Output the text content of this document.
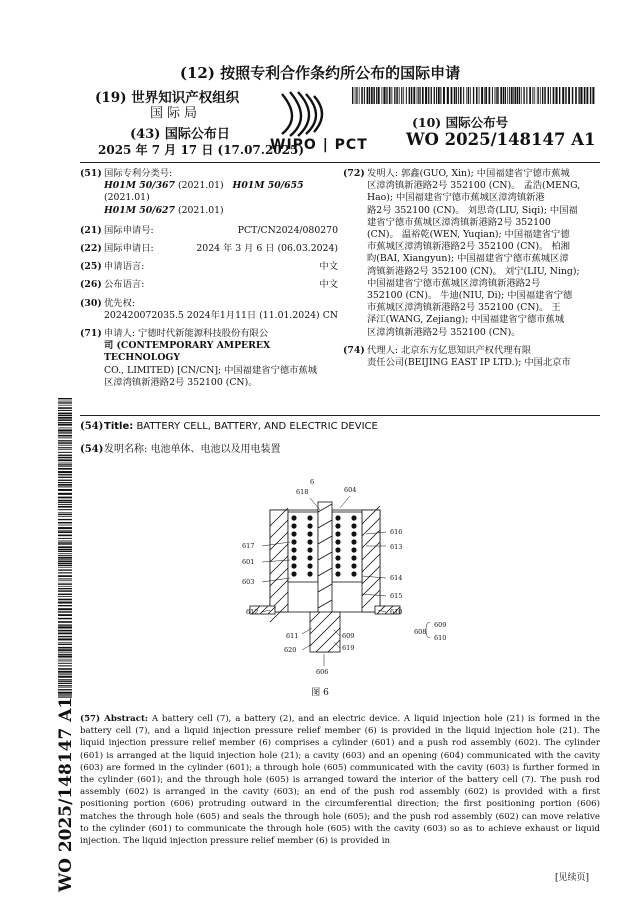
(12) 按照专利合作条约所公布的国际申请
(19) 世界知识产权组织
国际局
(43) 国际公布日
2025 年 7 月 17 日 (17.07.2025)
WIPO | PCT
(10) 国际公布号
WO 2025/148147 A1
(51) 国际专利分类号:
H01M 50/367 (2021.01) H01M 50/655 (2021.01)
H01M 50/627 (2021.01)
(21) 国际申请号:	PCT/CN2024/080270
(22) 国际申请日:	2024 年 3 月 6 日 (06.03.2024)
(25) 申请语言:	中文
(26) 公布语言:	中文
(30) 优先权:
202420072035.5 2024年1月11日 (11.01.2024) CN
(71) 申请人: 宁德时代新能源科技股份有限公
司 (CONTEMPORARY AMPEREX TECHNOLOGY
CO., LIMITED) [CN/CN]; 中国福建省宁德市蕉城
区漳湾镇新港路2号 352100 (CN)。
(72) 发明人: 郭鑫(GUO, Xin); 中国福建省宁德市蕉城
区漳湾镇新港路2号 352100 (CN)。 孟浩(MENG,
Hao); 中国福建省宁德市蕉城区漳湾镇新港
路2号 352100 (CN)。 刘思奇(LIU, Siqi); 中国福
建省宁德市蕉城区漳湾镇新港路2号 352100
(CN)。 温裕乾(WEN, Yuqian); 中国福建省宁德
市蕉城区漳湾镇新港路2号 352100 (CN)。 柏湘
昀(BAI, Xiangyun); 中国福建省宁德市蕉城区漳
湾镇新港路2号 352100 (CN)。 刘宁(LIU, Ning);
中国福建省宁德市蕉城区漳湾镇新港路2号
352100 (CN)。 牛迪(NIU, Di); 中国福建省宁德
市蕉城区漳湾镇新港路2号 352100 (CN)。 王
泽江(WANG, Zejiang); 中国福建省宁德市蕉城
区漳湾镇新港路2号 352100 (CN)。
(74) 代理人: 北京东方亿思知识产权代理有限
责任公司(BEIJING EAST IP LTD.); 中国北京市
WO 2025/148147 A1
(54)Title: BATTERY CELL, BATTERY, AND ELECTRIC DEVICE
(54)发明名称: 电池单体、电池以及用电装置
6
618	604
616
613
617
601
603	614
615
612	610
611	609
620	619
606
608
609
610
图 6
(57) Abstract: A battery cell (7), a battery (2), and an electric device. A liquid injection hole (21) is formed in the battery cell (7), and a liquid injection pressure relief member (6) is provided in the liquid injection hole (21). The liquid injection pressure relief member (6) comprises a cylinder (601) and a push rod assembly (602). The cylinder (601) is arranged at the liquid injection hole (21); a cavity (603) and an opening (604) communicated with the cavity (603) are formed in the cylinder (601); a through hole (605) communicated with the cavity (603) is further formed in the cylinder (601); and the through hole (605) is arranged toward the interior of the battery cell (7). The push rod assembly (602) is arranged in the cavity (603); an end of the push rod assembly (602) is provided with a first positioning portion (606) protruding outward in the circumferential direction; the first positioning portion (606) matches the through hole (605) and seals the through hole (605); and the push rod assembly (602) can move relative to the cylinder (601) to communicate the through hole (605) with the cavity (603) so as to achieve exhaust or liquid injection. The liquid injection pressure relief member (6) is provided in
[见续页]
